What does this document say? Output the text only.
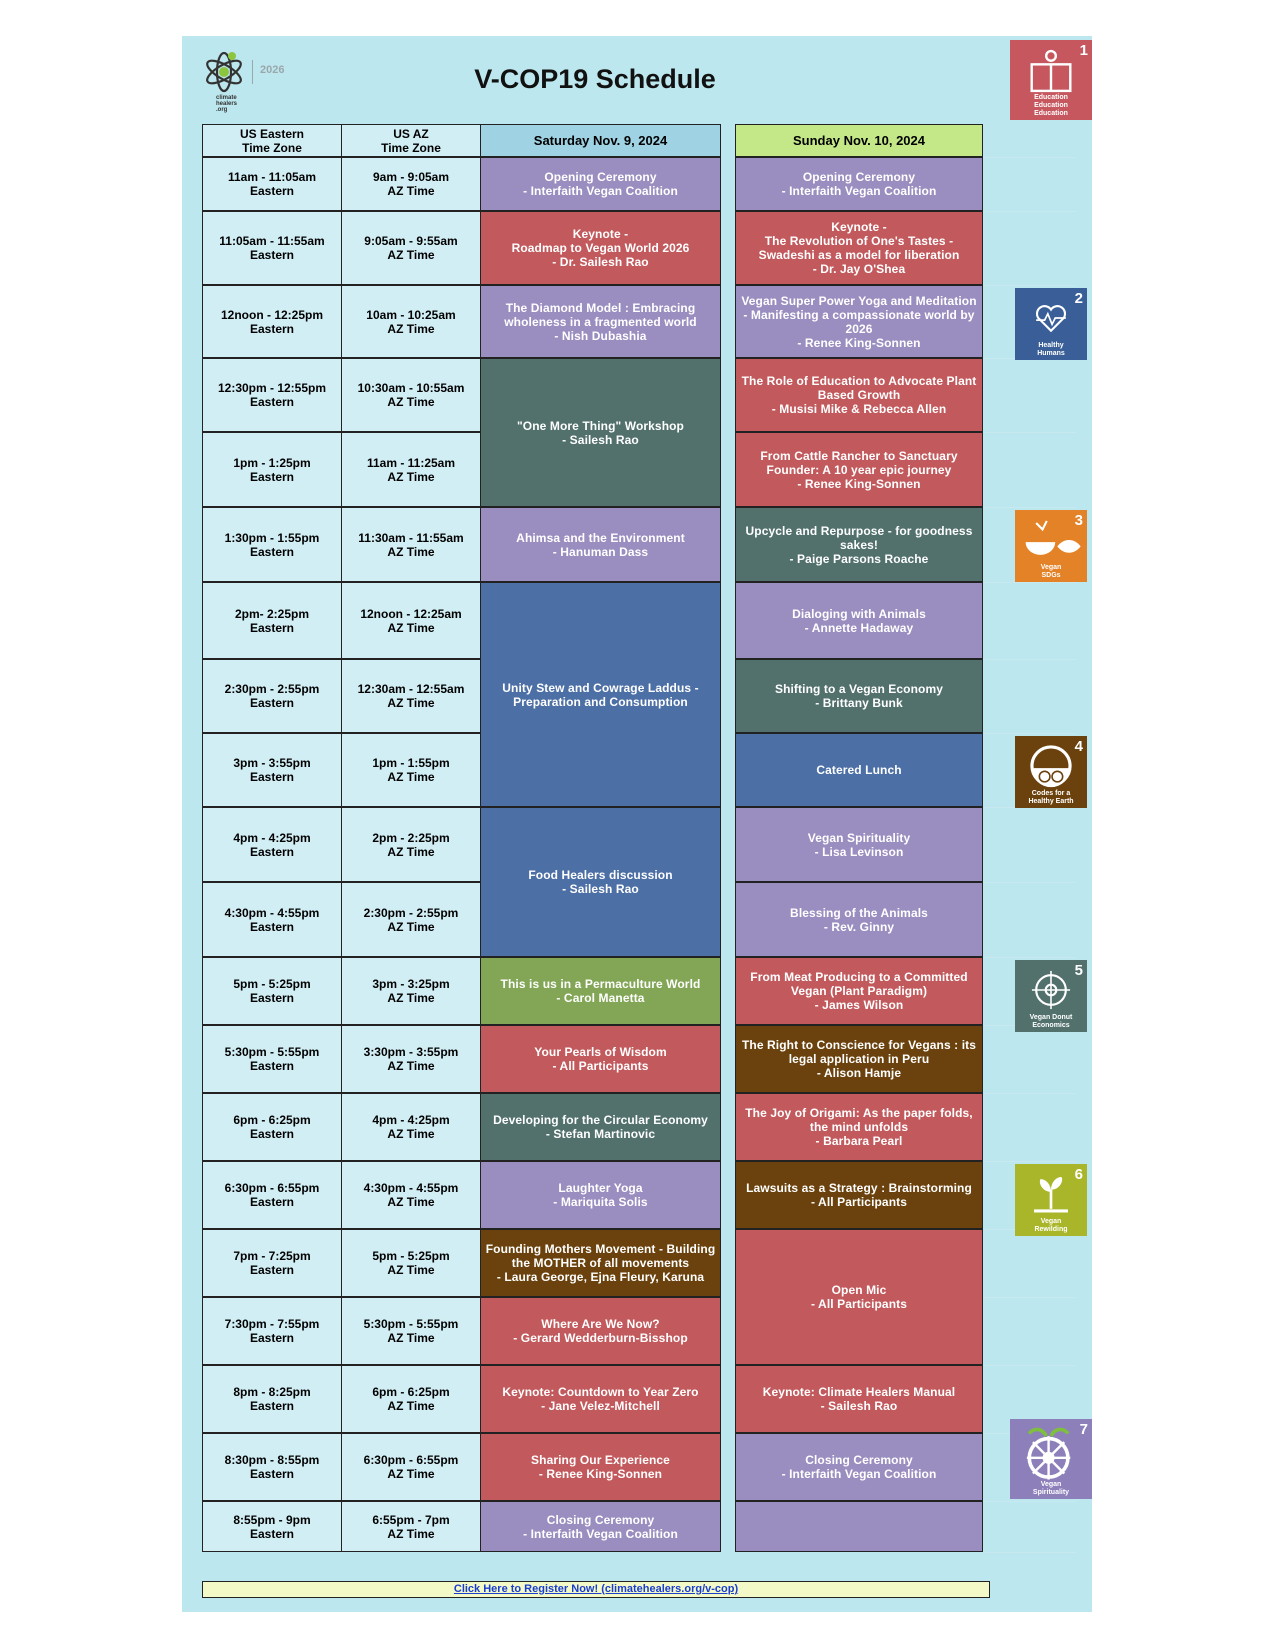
2026
climate healers .org
V-COP19 Schedule
US Eastern
Time Zone
US AZ
Time Zone	Saturday Nov. 9, 2024	Sunday Nov. 10, 2024
11am - 11:05am
Eastern
9am - 9:05am
AZ Time
11:05am - 11:55am
Eastern
9:05am - 9:55am
AZ Time
12noon - 12:25pm
Eastern
10am - 10:25am
AZ Time
12:30pm - 12:55pm
Eastern
10:30am - 10:55am
AZ Time
1pm - 1:25pm
Eastern
11am - 11:25am
AZ Time
1:30pm - 1:55pm
Eastern
11:30am - 11:55am
AZ Time
2pm- 2:25pm
Eastern
12noon - 12:25am
AZ Time
2:30pm - 2:55pm
Eastern
12:30am - 12:55am
AZ Time
3pm - 3:55pm
Eastern
1pm - 1:55pm
AZ Time
4pm - 4:25pm
Eastern
2pm - 2:25pm
AZ Time
4:30pm - 4:55pm
Eastern
2:30pm - 2:55pm
AZ Time
5pm - 5:25pm
Eastern
3pm - 3:25pm
AZ Time
5:30pm - 5:55pm
Eastern
3:30pm - 3:55pm
AZ Time
6pm - 6:25pm
Eastern
4pm - 4:25pm
AZ Time
6:30pm - 6:55pm
Eastern
4:30pm - 4:55pm
AZ Time
7pm - 7:25pm
Eastern
5pm - 5:25pm
AZ Time
7:30pm - 7:55pm
Eastern
5:30pm - 5:55pm
AZ Time
8pm - 8:25pm
Eastern
6pm - 6:25pm
AZ Time
8:30pm - 8:55pm
Eastern
6:30pm - 6:55pm
AZ Time
8:55pm - 9pm
Eastern
6:55pm - 7pm
AZ Time
Opening Ceremony
- Interfaith Vegan Coalition
Keynote -
Roadmap to Vegan World 2026
- Dr. Sailesh Rao
The Diamond Model : Embracing
wholeness in a fragmented world
- Nish Dubashia
"One More Thing" Workshop
- Sailesh Rao
Ahimsa and the Environment
- Hanuman Dass
Unity Stew and Cowrage Laddus -
Preparation and Consumption
Food Healers discussion
- Sailesh Rao
This is us in a Permaculture World
- Carol Manetta
Your Pearls of Wisdom
- All Participants
Developing for the Circular Economy
- Stefan Martinovic
Laughter Yoga
- Mariquita Solis
Founding Mothers Movement - Building
the MOTHER of all movements
- Laura George, Ejna Fleury, Karuna
Where Are We Now?
- Gerard Wedderburn-Bisshop
Keynote: Countdown to Year Zero
- Jane Velez-Mitchell
Sharing Our Experience
- Renee King-Sonnen
Closing Ceremony
- Interfaith Vegan Coalition
Opening Ceremony
- Interfaith Vegan Coalition
Keynote -
The Revolution of One's Tastes -
Swadeshi as a model for liberation
- Dr. Jay O'Shea
Vegan Super Power Yoga and Meditation
- Manifesting a compassionate world by
2026
- Renee King-Sonnen
The Role of Education to Advocate Plant
Based Growth
- Musisi Mike & Rebecca Allen
From Cattle Rancher to Sanctuary
Founder: A 10 year epic journey
- Renee King-Sonnen
Upcycle and Repurpose - for goodness
sakes!
- Paige Parsons Roache
Dialoging with Animals
- Annette Hadaway
Shifting to a Vegan Economy
- Brittany Bunk
Catered Lunch
Vegan Spirituality
- Lisa Levinson
Blessing of the Animals
- Rev. Ginny
From Meat Producing to a Committed
Vegan (Plant Paradigm)
- James Wilson
The Right to Conscience for Vegans : its
legal application in Peru
- Alison Hamje
The Joy of Origami: As the paper folds,
the mind unfolds
- Barbara Pearl
Lawsuits as a Strategy : Brainstorming
- All Participants
Open Mic
- All Participants
Keynote: Climate Healers Manual
- Sailesh Rao
Closing Ceremony
- Interfaith Vegan Coalition
1
Education
Education
Education
2
Healthy
Humans
3
Vegan
SDGs
4
Codes for a
Healthy Earth
5
Vegan Donut
Economics
6
Vegan
Rewilding
7
Vegan
Spirituality
Click Here to Register Now! (climatehealers.org/v-cop)
